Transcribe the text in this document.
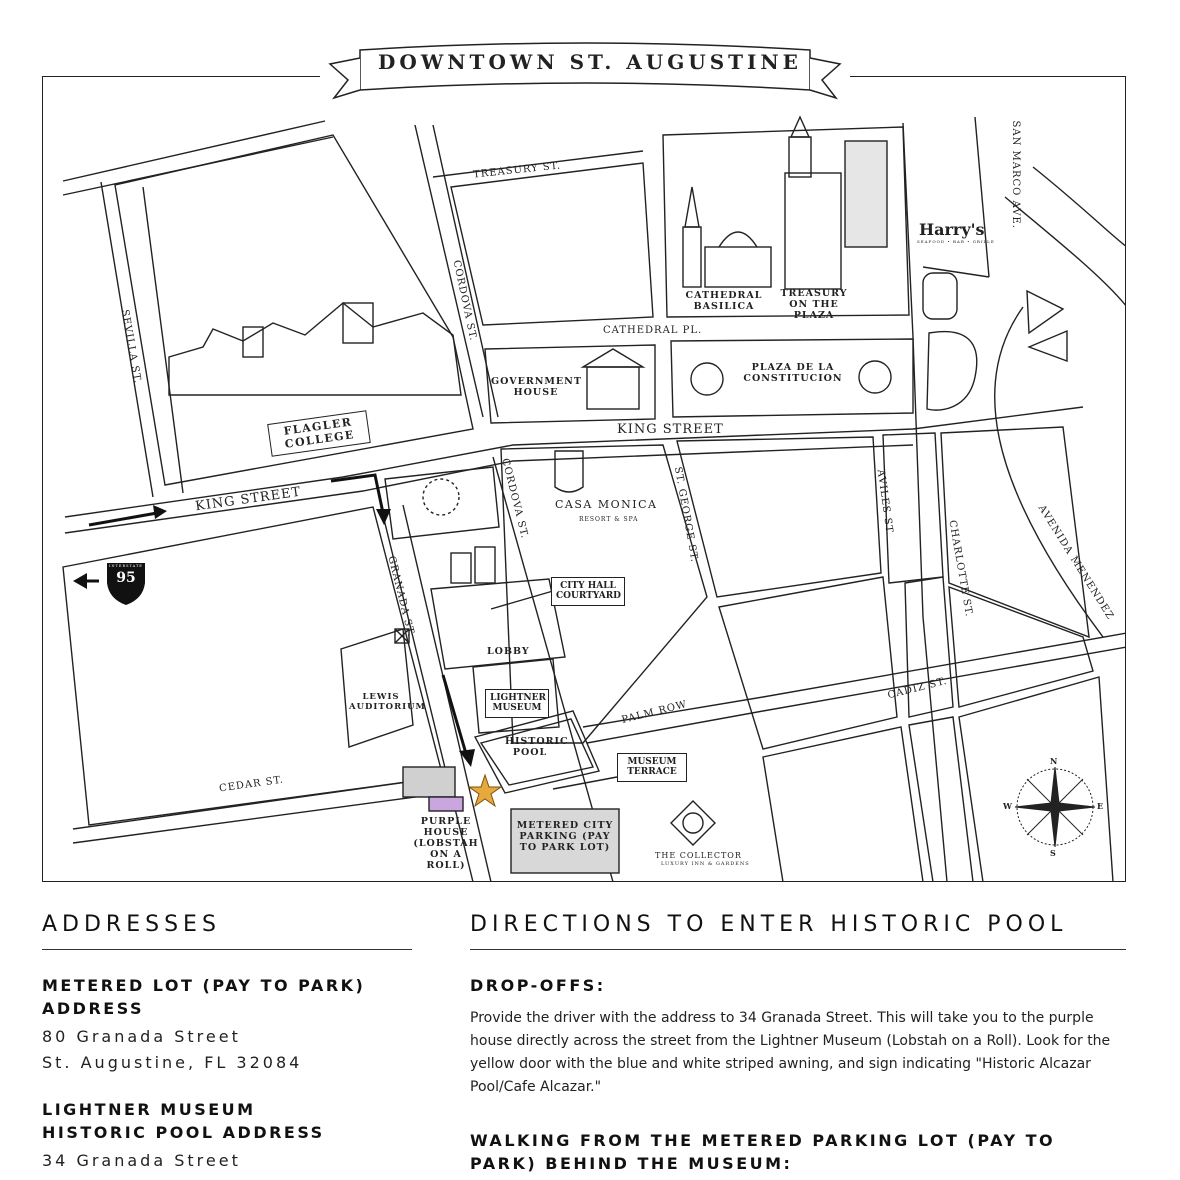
TREASURY ST.
CORDOVA ST.
SEVILLA ST.	CATHEDRAL PL.
KING STREET
KING STREET
GRANADA ST.
CORDOVA ST.	ST. GEORGE ST.	AVILES ST.
CHARLOTTE ST.	AVENIDA MENENDEZ
SAN MARCO AVE.
CADIZ ST.
PALM ROW
CEDAR ST.
FLAGLER COLLEGE
CATHEDRAL BASILICA
TREASURY ON THE PLAZA
GOVERNMENT HOUSE
PLAZA DE LA CONSTITUCION
CASA MONICA
RESORT & SPA
CITY HALL COURTYARD
LOBBY
LIGHTNER MUSEUM
HISTORIC POOL
MUSEUM TERRACE
LEWIS AUDITORIUM
PURPLE HOUSE (LOBSTAH ON A ROLL)
METERED CITY PARKING (PAY TO PARK LOT)
THE COLLECTOR
LUXURY INN & GARDENS
Harry's
SEAFOOD • BAR • GRILLE
INTERSTATE
95
N
S
E
W
DOWNTOWN ST. AUGUSTINE
ADDRESSES
METERED LOT (PAY TO PARK) ADDRESS
80 Granada Street
St. Augustine, FL 32084
LIGHTNER MUSEUM
HISTORIC POOL ADDRESS
34 Granada Street
DIRECTIONS TO ENTER HISTORIC POOL
DROP-OFFS:
Provide the driver with the address to 34 Granada Street. This will take you to the purple house directly across the street from the Lightner Museum (Lobstah on a Roll). Look for the yellow door with the blue and white striped awning, and sign indicating "Historic Alcazar Pool/Cafe Alcazar."
WALKING FROM THE METERED PARKING LOT (PAY TO PARK) BEHIND THE MUSEUM:
